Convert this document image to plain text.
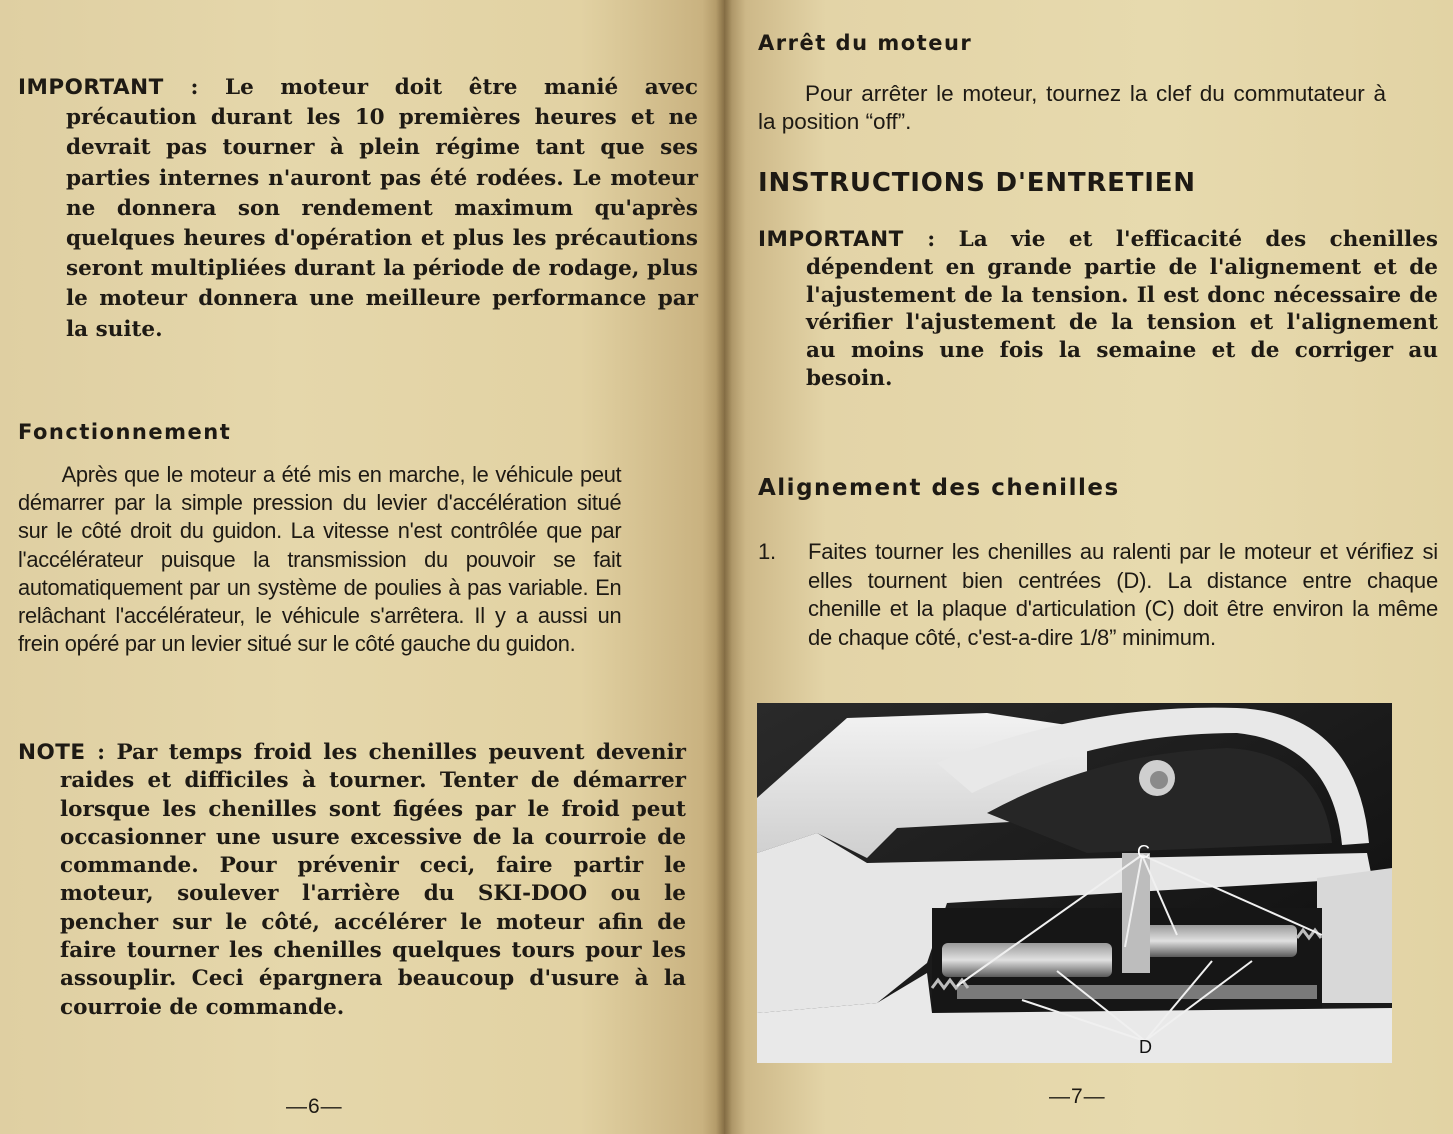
IMPORTANT : Le moteur doit être manié avec précaution durant les 10 premières heures et ne devrait pas tourner à plein régime tant que ses parties internes n'auront pas été rodées. Le moteur ne donnera son rendement maximum qu'après quelques heures d'opération et plus les précautions seront multipliées durant la période de rodage, plus le moteur donnera une meilleure performance par la suite.

Fonctionnement

Après que le moteur a été mis en marche, le véhicule peut démarrer par la simple pression du levier d'accélération situé sur le côté droit du guidon. La vitesse n'est contrôlée que par l'accélérateur puisque la transmission du pouvoir se fait automatiquement par un système de poulies à pas variable. En relâchant l'accélérateur, le véhicule s'arrêtera. Il y a aussi un frein opéré par un levier situé sur le côté gauche du guidon.

NOTE : Par temps froid les chenilles peuvent devenir raides et difficiles à tourner. Tenter de démarrer lorsque les chenilles sont figées par le froid peut occasionner une usure excessive de la courroie de commande. Pour prévenir ceci, faire partir le moteur, soulever l'arrière du SKI-DOO ou le pencher sur le côté, accélérer le moteur afin de faire tourner les chenilles quelques tours pour les assouplir. Ceci épargnera beaucoup d'usure à la courroie de commande.

—6—
Arrêt du moteur

Pour arrêter le moteur, tournez la clef du commutateur à la position “off”.

INSTRUCTIONS D'ENTRETIEN

IMPORTANT : La vie et l'efficacité des chenilles dépendent en grande partie de l'alignement et de l'ajustement de la tension. Il est donc nécessaire de vérifier l'ajustement de la tension et l'alignement au moins une fois la semaine et de corriger au besoin.

Alignement des chenilles

1. Faites tourner les chenilles au ralenti par le moteur et vérifiez si elles tournent bien centrées (D). La distance entre chaque chenille et la plaque d'articulation (C) doit être environ la même de chaque côté, c'est-a-dire 1/8” minimum.

C
D
—7—
